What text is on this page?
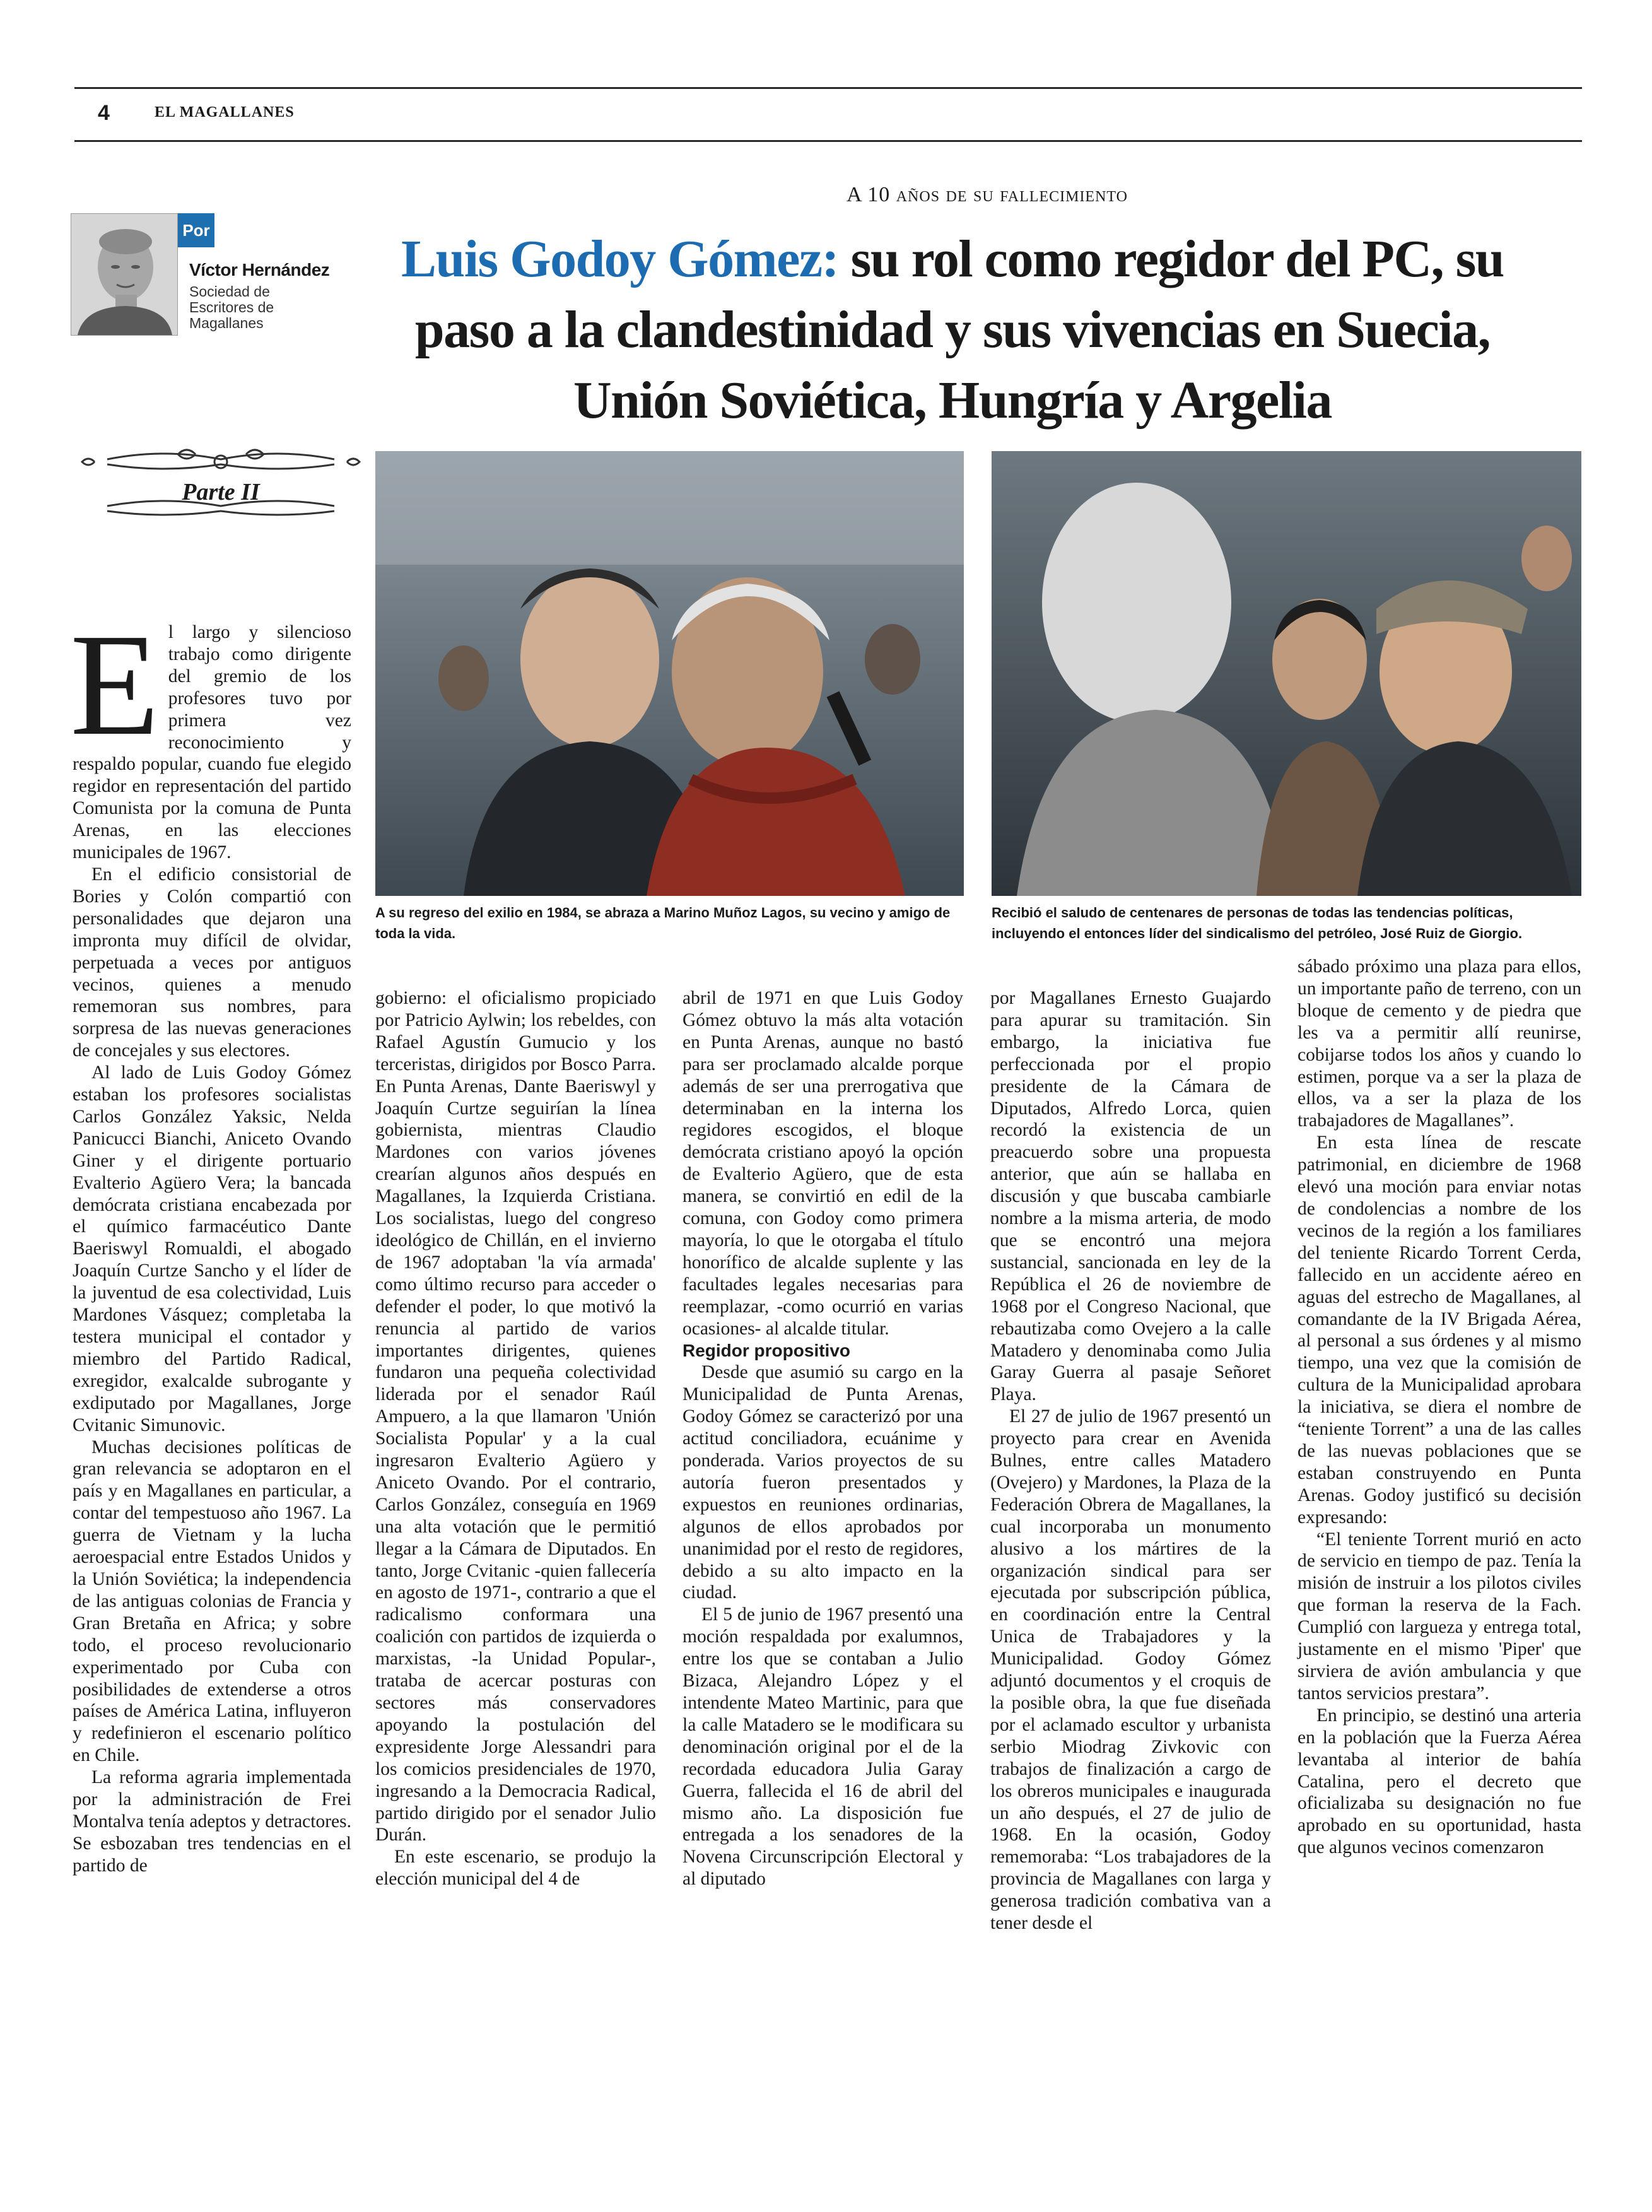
4	EL MAGALLANES
Por
Víctor Hernández
Sociedad de Escritores de Magallanes
A 10 años de su fallecimiento
Luis Godoy Gómez: su rol como regidor del PC, su paso a la clandestinidad y sus vivencias en Suecia, Unión Soviética, Hungría y Argelia
Parte II
A su regreso del exilio en 1984, se abraza a Marino Muñoz Lagos, su vecino y amigo de toda la vida.
Recibió el saludo de centenares de personas de todas las tendencias políticas, incluyendo el entonces líder del sindicalismo del petróleo, José Ruiz de Giorgio.

El largo y silencioso trabajo como dirigente del gremio de los profesores tuvo por primera vez reconocimiento y respaldo popular, cuando fue elegido regidor en representación del partido Comunista por la comuna de Punta Arenas, en las elecciones municipales de 1967.

En el edificio consistorial de Bories y Colón compartió con personalidades que dejaron una impronta muy difícil de olvidar, perpetuada a veces por antiguos vecinos, quienes a menudo rememoran sus nombres, para sorpresa de las nuevas generaciones de concejales y sus electores.

Al lado de Luis Godoy Gómez estaban los profesores socialistas Carlos González Yaksic, Nelda Panicucci Bianchi, Aniceto Ovando Giner y el dirigente portuario Evalterio Agüero Vera; la bancada demócrata cristiana encabezada por el químico farmacéutico Dante Baeriswyl Romualdi, el abogado Joaquín Curtze Sancho y el líder de la juventud de esa colectividad, Luis Mardones Vásquez; completaba la testera municipal el contador y miembro del Partido Radical, exregidor, exalcalde subrogante y exdiputado por Magallanes, Jorge Cvitanic Simunovic.

Muchas decisiones políticas de gran relevancia se adoptaron en el país y en Magallanes en particular, a contar del tempestuoso año 1967. La guerra de Vietnam y la lucha aeroespacial entre Estados Unidos y la Unión Soviética; la independencia de las antiguas colonias de Francia y Gran Bretaña en Africa; y sobre todo, el proceso revolucionario experimentado por Cuba con posibilidades de extenderse a otros países de América Latina, influyeron y redefinieron el escenario político en Chile.

La reforma agraria implementada por la administración de Frei Montalva tenía adeptos y detractores. Se esbozaban tres tendencias en el partido de

gobierno: el oficialismo propiciado por Patricio Aylwin; los rebeldes, con Rafael Agustín Gumucio y los terceristas, dirigidos por Bosco Parra. En Punta Arenas, Dante Baeriswyl y Joaquín Curtze seguirían la línea gobiernista, mientras Claudio Mardones con varios jóvenes crearían algunos años después en Magallanes, la Izquierda Cristiana. Los socialistas, luego del congreso ideológico de Chillán, en el invierno de 1967 adoptaban 'la vía armada' como último recurso para acceder o defender el poder, lo que motivó la renuncia al partido de varios importantes dirigentes, quienes fundaron una pequeña colectividad liderada por el senador Raúl Ampuero, a la que llamaron 'Unión Socialista Popular' y a la cual ingresaron Evalterio Agüero y Aniceto Ovando. Por el contrario, Carlos González, conseguía en 1969 una alta votación que le permitió llegar a la Cámara de Diputados. En tanto, Jorge Cvitanic -quien fallecería en agosto de 1971-, contrario a que el radicalismo conformara una coalición con partidos de izquierda o marxistas, -la Unidad Popular-, trataba de acercar posturas con sectores más conservadores apoyando la postulación del expresidente Jorge Alessandri para los comicios presidenciales de 1970, ingresando a la Democracia Radical, partido dirigido por el senador Julio Durán.

En este escenario, se produjo la elección municipal del 4 de

abril de 1971 en que Luis Godoy Gómez obtuvo la más alta votación en Punta Arenas, aunque no bastó para ser proclamado alcalde porque además de ser una prerrogativa que determinaban en la interna los regidores escogidos, el bloque demócrata cristiano apoyó la opción de Evalterio Agüero, que de esta manera, se convirtió en edil de la comuna, con Godoy como primera mayoría, lo que le otorgaba el título honorífico de alcalde suplente y las facultades legales necesarias para reemplazar, -como ocurrió en varias ocasiones- al alcalde titular.

Regidor propositivo

Desde que asumió su cargo en la Municipalidad de Punta Arenas, Godoy Gómez se caracterizó por una actitud conciliadora, ecuánime y ponderada. Varios proyectos de su autoría fueron presentados y expuestos en reuniones ordinarias, algunos de ellos aprobados por unanimidad por el resto de regidores, debido a su alto impacto en la ciudad.

El 5 de junio de 1967 presentó una moción respaldada por exalumnos, entre los que se contaban a Julio Bizaca, Alejandro López y el intendente Mateo Martinic, para que la calle Matadero se le modificara su denominación original por el de la recordada educadora Julia Garay Guerra, fallecida el 16 de abril del mismo año. La disposición fue entregada a los senadores de la Novena Circunscripción Electoral y al diputado

por Magallanes Ernesto Guajardo para apurar su tramitación. Sin embargo, la iniciativa fue perfeccionada por el propio presidente de la Cámara de Diputados, Alfredo Lorca, quien recordó la existencia de un preacuerdo sobre una propuesta anterior, que aún se hallaba en discusión y que buscaba cambiarle nombre a la misma arteria, de modo que se encontró una mejora sustancial, sancionada en ley de la República el 26 de noviembre de 1968 por el Congreso Nacional, que rebautizaba como Ovejero a la calle Matadero y denominaba como Julia Garay Guerra al pasaje Señoret Playa.

El 27 de julio de 1967 presentó un proyecto para crear en Avenida Bulnes, entre calles Matadero (Ovejero) y Mardones, la Plaza de la Federación Obrera de Magallanes, la cual incorporaba un monumento alusivo a los mártires de la organización sindical para ser ejecutada por subscripción pública, en coordinación entre la Central Unica de Trabajadores y la Municipalidad. Godoy Gómez adjuntó documentos y el croquis de la posible obra, la que fue diseñada por el aclamado escultor y urbanista serbio Miodrag Zivkovic con trabajos de finalización a cargo de los obreros municipales e inaugurada un año después, el 27 de julio de 1968. En la ocasión, Godoy rememoraba: “Los trabajadores de la provincia de Magallanes con larga y generosa tradición combativa van a tener desde el

sábado próximo una plaza para ellos, un importante paño de terreno, con un bloque de cemento y de piedra que les va a permitir allí reunirse, cobijarse todos los años y cuando lo estimen, porque va a ser la plaza de ellos, va a ser la plaza de los trabajadores de Magallanes”.

En esta línea de rescate patrimonial, en diciembre de 1968 elevó una moción para enviar notas de condolencias a nombre de los vecinos de la región a los familiares del teniente Ricardo Torrent Cerda, fallecido en un accidente aéreo en aguas del estrecho de Magallanes, al comandante de la IV Brigada Aérea, al personal a sus órdenes y al mismo tiempo, una vez que la comisión de cultura de la Municipalidad aprobara la iniciativa, se diera el nombre de “teniente Torrent” a una de las calles de las nuevas poblaciones que se estaban construyendo en Punta Arenas. Godoy justificó su decisión expresando:

“El teniente Torrent murió en acto de servicio en tiempo de paz. Tenía la misión de instruir a los pilotos civiles que forman la reserva de la Fach. Cumplió con largueza y entrega total, justamente en el mismo 'Piper' que sirviera de avión ambulancia y que tantos servicios prestara”.

En principio, se destinó una arteria en la población que la Fuerza Aérea levantaba al interior de bahía Catalina, pero el decreto que oficializaba su designación no fue aprobado en su oportunidad, hasta que algunos vecinos comenzaron
